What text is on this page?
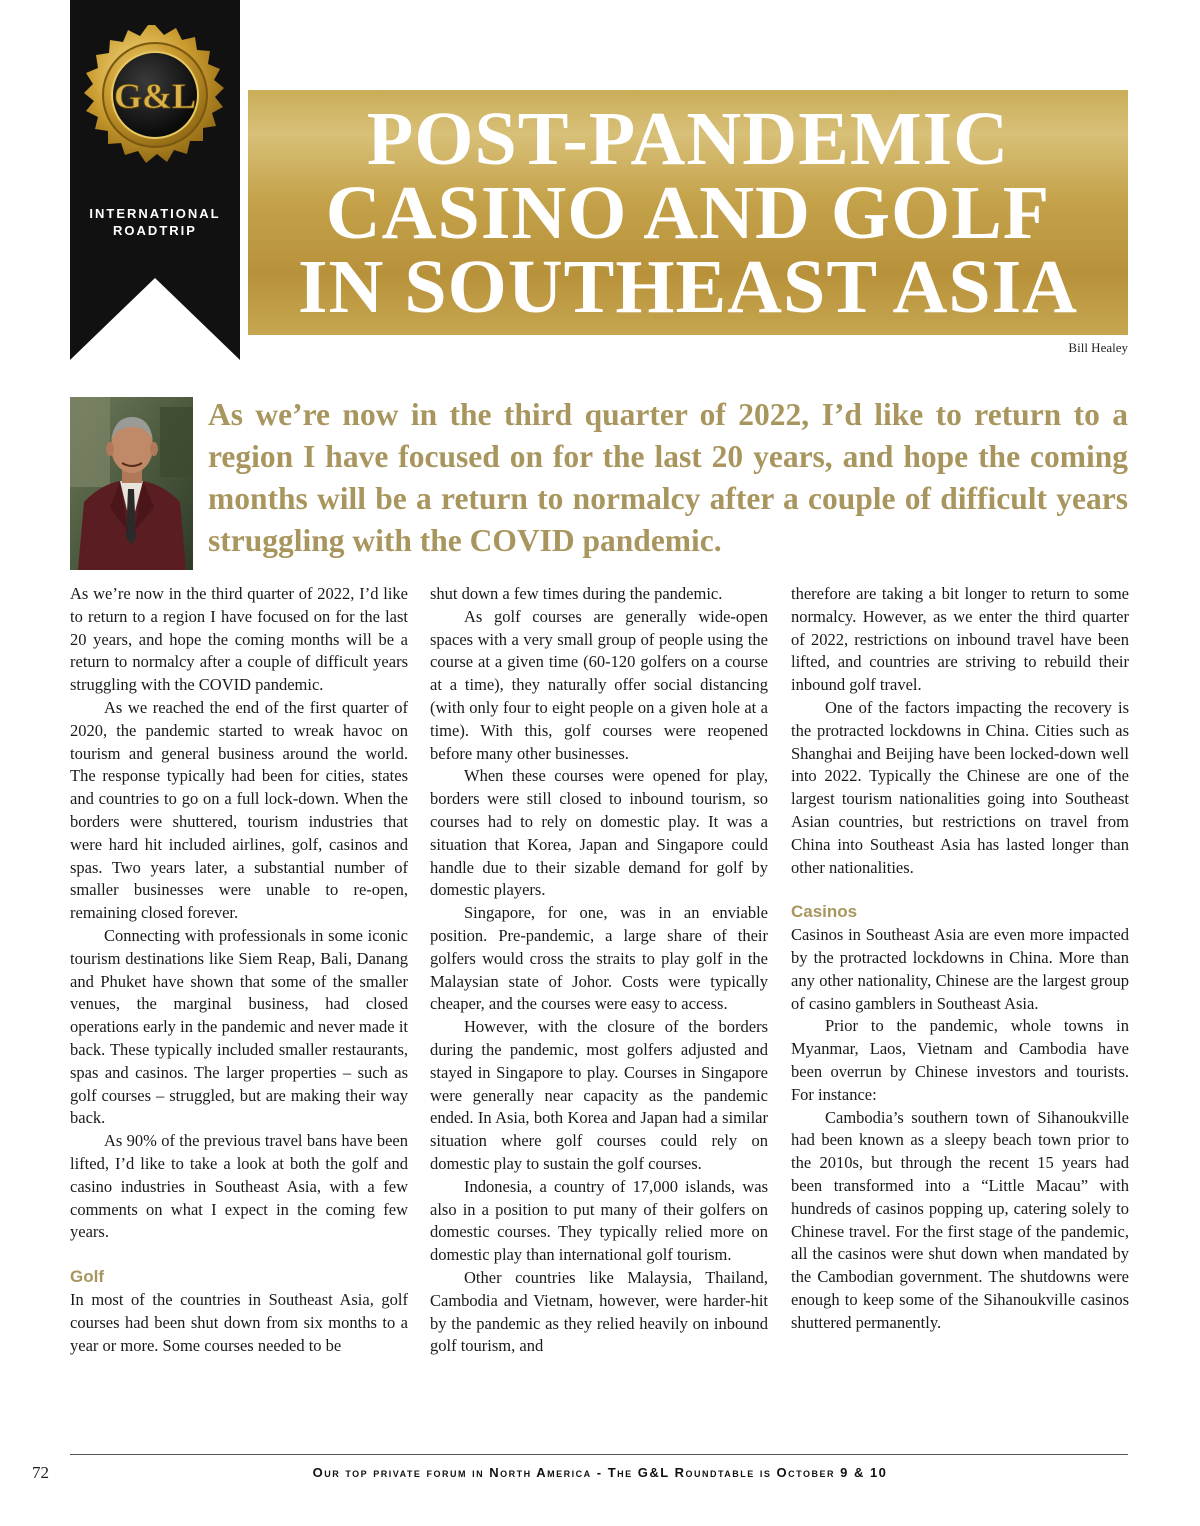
G&L
INTERNATIONAL
ROADTRIP
POST-PANDEMIC
CASINO AND GOLF
IN SOUTHEAST ASIA
Bill Healey
As we’re now in the third quarter of 2022, I’d like to return to a region I have focused on for the last 20 years, and hope the coming months will be a return to normalcy after a couple of difficult years struggling with the COVID pandemic.

As we’re now in the third quarter of 2022, I’d like to return to a region I have focused on for the last 20 years, and hope the coming months will be a return to normalcy after a couple of difficult years struggling with the COVID pandemic.

As we reached the end of the first quarter of 2020, the pandemic started to wreak havoc on tourism and general business around the world. The response typically had been for cities, states and countries to go on a full lock-down. When the borders were shuttered, tourism industries that were hard hit included airlines, golf, casinos and spas. Two years later, a substantial number of smaller businesses were unable to re-open, remaining closed forever.

Connecting with professionals in some iconic tourism destinations like Siem Reap, Bali, Danang and Phuket have shown that some of the smaller venues, the marginal business, had closed operations early in the pandemic and never made it back. These typically included smaller restaurants, spas and casinos. The larger properties – such as golf courses – struggled, but are making their way back.

As 90% of the previous travel bans have been lifted, I’d like to take a look at both the golf and casino industries in Southeast Asia, with a few comments on what I expect in the coming few years.

Golf

In most of the countries in Southeast Asia, golf courses had been shut down from six months to a year or more. Some courses needed to be

shut down a few times during the pandemic.

As golf courses are generally wide-open spaces with a very small group of people using the course at a given time (60-120 golfers on a course at a time), they naturally offer social distancing (with only four to eight people on a given hole at a time). With this, golf courses were reopened before many other businesses.

When these courses were opened for play, borders were still closed to inbound tourism, so courses had to rely on domestic play. It was a situation that Korea, Japan and Singapore could handle due to their sizable demand for golf by domestic players.

Singapore, for one, was in an enviable position. Pre-pandemic, a large share of their golfers would cross the straits to play golf in the Malaysian state of Johor. Costs were typically cheaper, and the courses were easy to access.

However, with the closure of the borders during the pandemic, most golfers adjusted and stayed in Singapore to play. Courses in Singapore were generally near capacity as the pandemic ended. In Asia, both Korea and Japan had a similar situation where golf courses could rely on domestic play to sustain the golf courses.

Indonesia, a country of 17,000 islands, was also in a position to put many of their golfers on domestic courses. They typically relied more on domestic play than international golf tourism.

Other countries like Malaysia, Thailand, Cambodia and Vietnam, however, were harder-hit by the pandemic as they relied heavily on inbound golf tourism, and

therefore are taking a bit longer to return to some normalcy. However, as we enter the third quarter of 2022, restrictions on inbound travel have been lifted, and countries are striving to rebuild their inbound golf travel.

One of the factors impacting the recovery is the protracted lockdowns in China. Cities such as Shanghai and Beijing have been locked-down well into 2022. Typically the Chinese are one of the largest tourism nationalities going into Southeast Asian countries, but restrictions on travel from China into Southeast Asia has lasted longer than other nationalities.

Casinos

Casinos in Southeast Asia are even more impacted by the protracted lockdowns in China. More than any other nationality, Chinese are the largest group of casino gamblers in Southeast Asia.

Prior to the pandemic, whole towns in Myanmar, Laos, Vietnam and Cambodia have been overrun by Chinese investors and tourists. For instance:

Cambodia’s southern town of Sihanoukville had been known as a sleepy beach town prior to the 2010s, but through the recent 15 years had been transformed into a “Little Macau” with hundreds of casinos popping up, catering solely to Chinese travel. For the first stage of the pandemic, all the casinos were shut down when mandated by the Cambodian government. The shutdowns were enough to keep some of the Sihanoukville casinos shuttered permanently.

72	Our top private forum in North America - The G&L Roundtable is October 9 & 10
